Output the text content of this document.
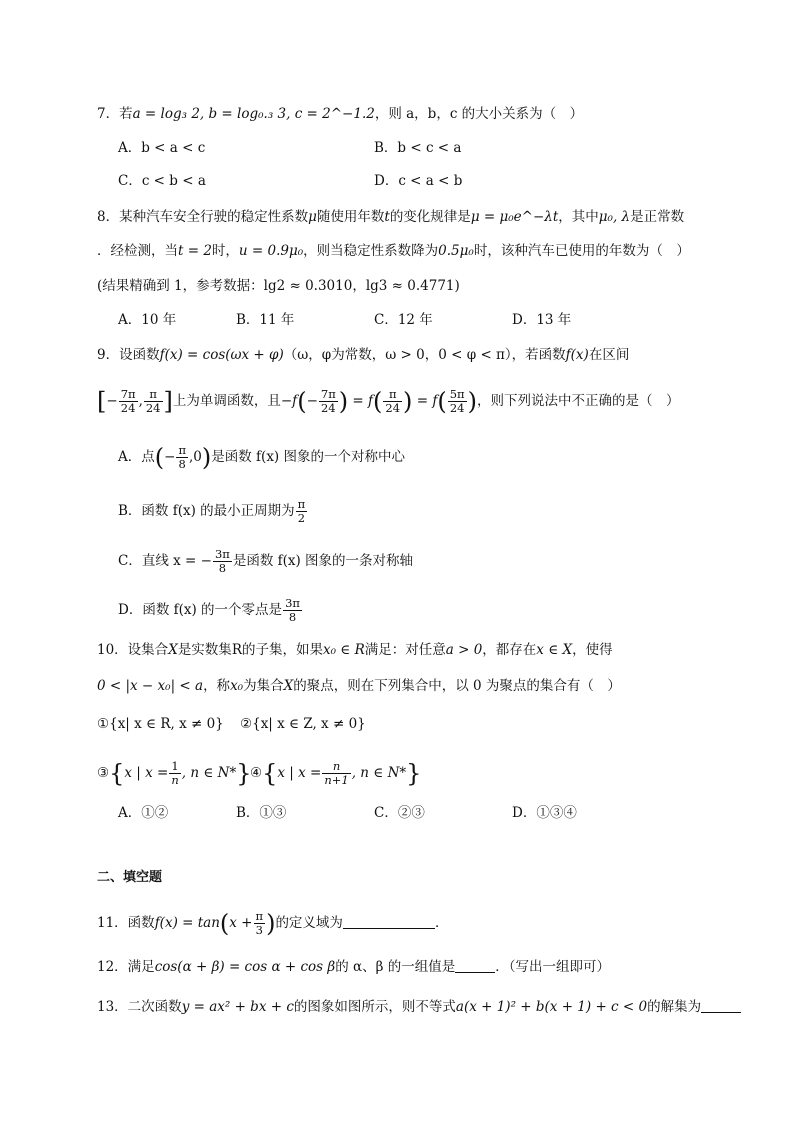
7．若a = log₃ 2, b = log₀.₃ 3, c = 2^−1.2，则 a，b，c 的大小关系为（　）
A．b < a < c	B．b < c < a
C．c < b < a	D．c < a < b
8．某种汽车安全行驶的稳定性系数μ随使用年数t的变化规律是μ = μ₀e^−λt，其中μ₀, λ是正常数
．经检测，当t = 2时，u = 0.9μ₀，则当稳定性系数降为0.5μ₀时，该种汽车已使用的年数为（　）
(结果精确到 1，参考数据：lg2 ≈ 0.3010，lg3 ≈ 0.4771)
A．10 年	B．11 年	C．12 年	D．13 年
9．设函数f(x) = cos(ωx + φ)（ω，φ为常数，ω > 0，0 < φ < π），若函数f(x)在区间
[− $\frac{7\pi}{24}$ , $\frac{\pi}{24}$ ]上为单调函数，且$-f(- \frac{7\pi}{24}$ ) = $f( \frac{\pi}{24}$ ) = $f( \frac{5\pi}{24}$ )，则下列说法中不正确的是（　）
A．点(− $\frac{\pi}{8} ,0$)是函数 f(x) 图象的一个对称中心
B．函数 f(x) 的最小正周期为 $\frac{\pi}{2}$
C．直线 x = − $\frac{3\pi}{8}$ 是函数 f(x) 图象的一条对称轴
D．函数 f(x) 的一个零点是 $\frac{3\pi}{8}$
10．设集合X是实数集R的子集，如果x₀ ∈ R满足：对任意a > 0，都存在x ∈ X，使得
0 < |x − x₀| < a，称x₀为集合X的聚点，则在下列集合中，以 0 为聚点的集合有（　）
①{x| x ∈ R, x ≠ 0} ②{x| x ∈ Z, x ≠ 0}
③{x | $x = \frac{1}{n}$ , n ∈ N*}
④{x | $x = \frac{n}{n+1}$ , n ∈ N*}
A．①②	B．①③	C．②③	D．①③④
二、填空题
11．函数$f(x) = \tan(x + \frac{\pi}{3}$ )的定义域为	．
12．满足cos(α + β) = cos α + cos β的 α、β 的一组值是	．（写出一组即可）
13．二次函数y = ax² + bx + c的图象如图所示，则不等式a(x + 1)² + b(x + 1) + c < 0的解集为
